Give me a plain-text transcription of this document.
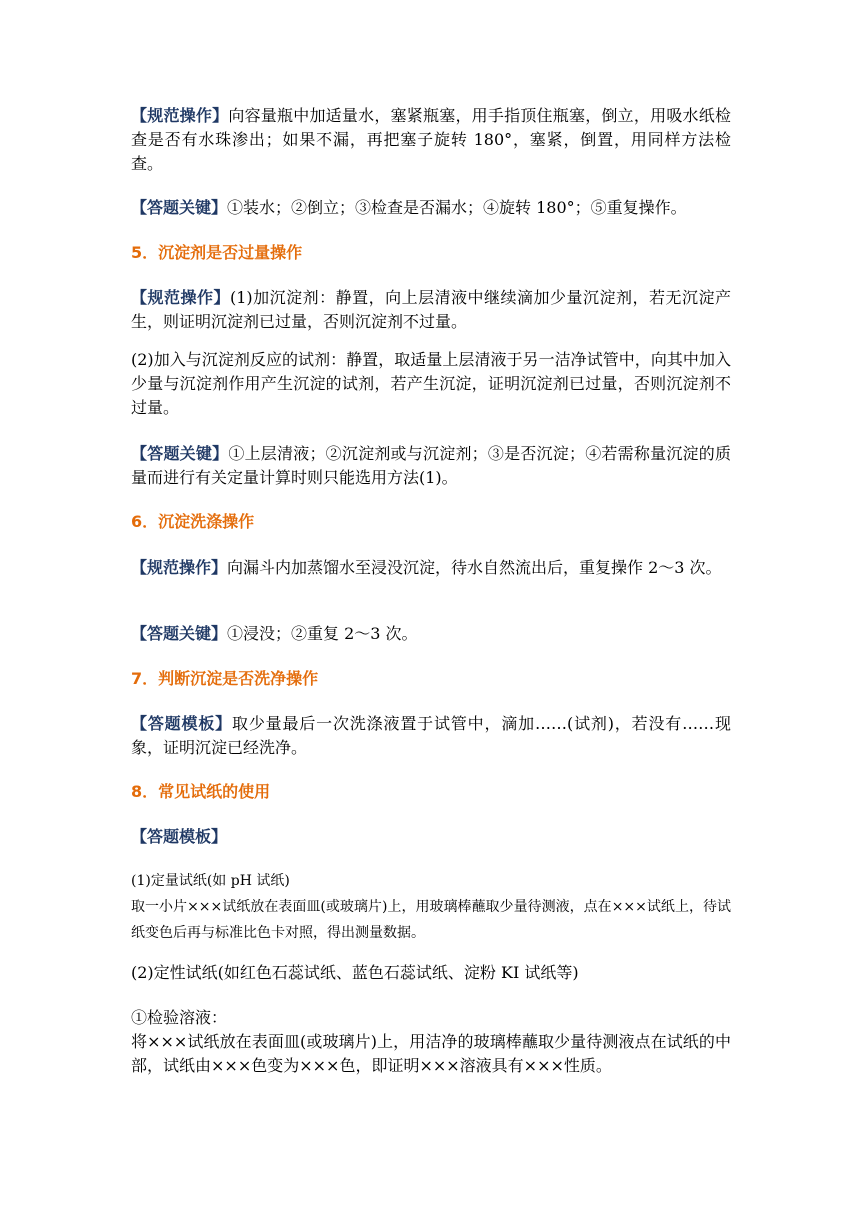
【规范操作】向容量瓶中加适量水，塞紧瓶塞，用手指顶住瓶塞，倒立，用吸水纸检查是否有水珠渗出；如果不漏，再把塞子旋转 180°，塞紧，倒置，用同样方法检查。
【答题关键】①装水；②倒立；③检查是否漏水；④旋转 180°；⑤重复操作。
5．沉淀剂是否过量操作
【规范操作】(1)加沉淀剂：静置，向上层清液中继续滴加少量沉淀剂，若无沉淀产生，则证明沉淀剂已过量，否则沉淀剂不过量。
(2)加入与沉淀剂反应的试剂：静置，取适量上层清液于另一洁净试管中，向其中加入少量与沉淀剂作用产生沉淀的试剂，若产生沉淀，证明沉淀剂已过量，否则沉淀剂不过量。
【答题关键】①上层清液；②沉淀剂或与沉淀剂；③是否沉淀；④若需称量沉淀的质量而进行有关定量计算时则只能选用方法(1)。
6．沉淀洗涤操作
【规范操作】向漏斗内加蒸馏水至浸没沉淀，待水自然流出后，重复操作 2～3 次。
【答题关键】①浸没；②重复 2～3 次。
7．判断沉淀是否洗净操作
【答题模板】取少量最后一次洗涤液置于试管中，滴加……(试剂)，若没有……现象，证明沉淀已经洗净。
8．常见试纸的使用
【答题模板】
(1)定量试纸(如 pH 试纸)
取一小片×××试纸放在表面皿(或玻璃片)上，用玻璃棒蘸取少量待测液，点在×××试纸上，待试纸变色后再与标准比色卡对照，得出测量数据。
(2)定性试纸(如红色石蕊试纸、蓝色石蕊试纸、淀粉 KI 试纸等)
①检验溶液：
将×××试纸放在表面皿(或玻璃片)上，用洁净的玻璃棒蘸取少量待测液点在试纸的中部，试纸由×××色变为×××色，即证明×××溶液具有×××性质。
